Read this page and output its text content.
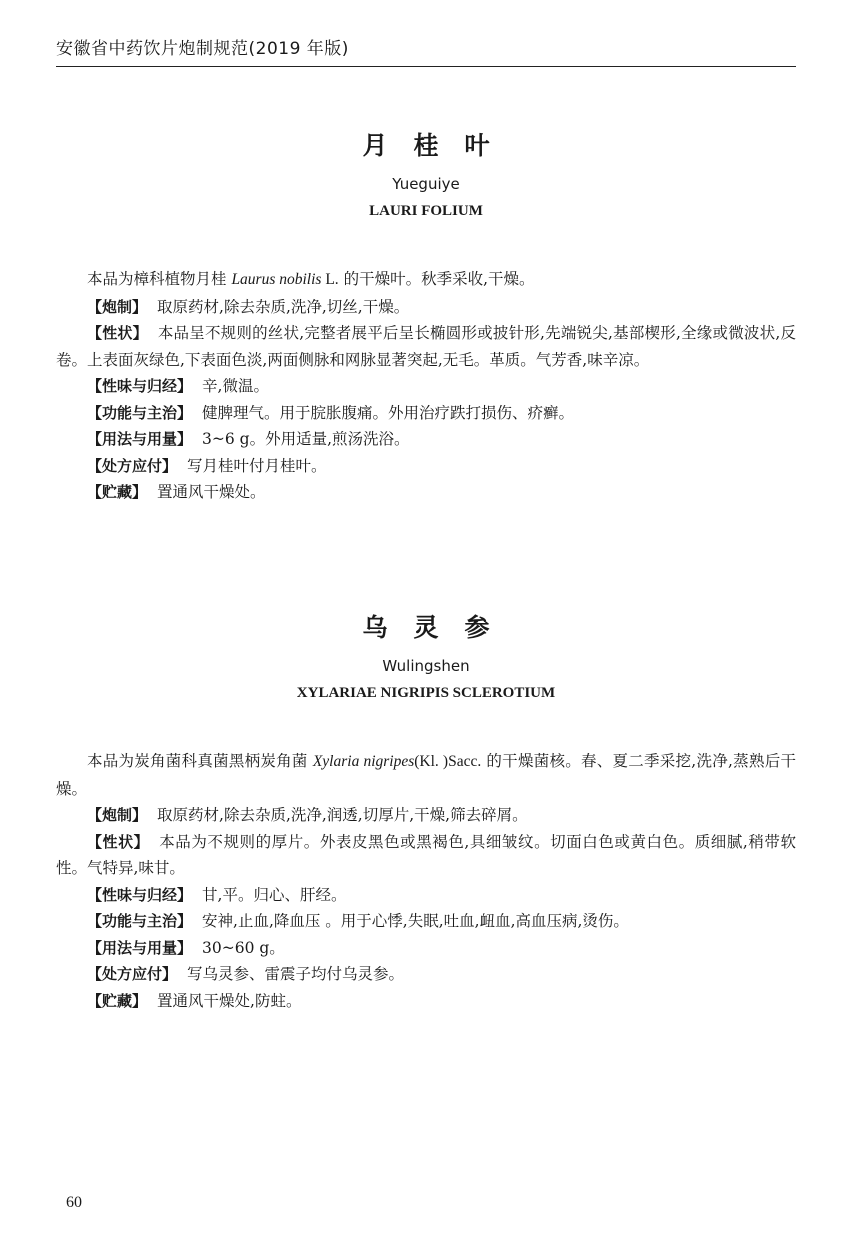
安徽省中药饮片炮制规范(2019 年版)
月桂叶
Yueguiye
LAURI FOLIUM

本品为樟科植物月桂 Laurus nobilis L. 的干燥叶。秋季采收,干燥。

【炮制】 取原药材,除去杂质,洗净,切丝,干燥。

【性状】 本品呈不规则的丝状,完整者展平后呈长椭圆形或披针形,先端锐尖,基部楔形,全缘或微波状,反卷。上表面灰绿色,下表面色淡,两面侧脉和网脉显著突起,无毛。革质。气芳香,味辛凉。

【性味与归经】 辛,微温。

【功能与主治】 健脾理气。用于脘胀腹痛。外用治疗跌打损伤、疥癣。

【用法与用量】 3~6 g。外用适量,煎汤洗浴。

【处方应付】 写月桂叶付月桂叶。

【贮藏】 置通风干燥处。

乌灵参
Wulingshen
XYLARIAE NIGRIPIS SCLEROTIUM

本品为炭角菌科真菌黑柄炭角菌 Xylaria nigripes(Kl. )Sacc. 的干燥菌核。春、夏二季采挖,洗净,蒸熟后干燥。

【炮制】 取原药材,除去杂质,洗净,润透,切厚片,干燥,筛去碎屑。

【性状】 本品为不规则的厚片。外表皮黑色或黑褐色,具细皱纹。切面白色或黄白色。质细腻,稍带软性。气特异,味甘。

【性味与归经】 甘,平。归心、肝经。

【功能与主治】 安神,止血,降血压 。用于心悸,失眠,吐血,衄血,高血压病,烫伤。

【用法与用量】 30~60 g。

【处方应付】 写乌灵参、雷震子均付乌灵参。

【贮藏】 置通风干燥处,防蛀。

60
